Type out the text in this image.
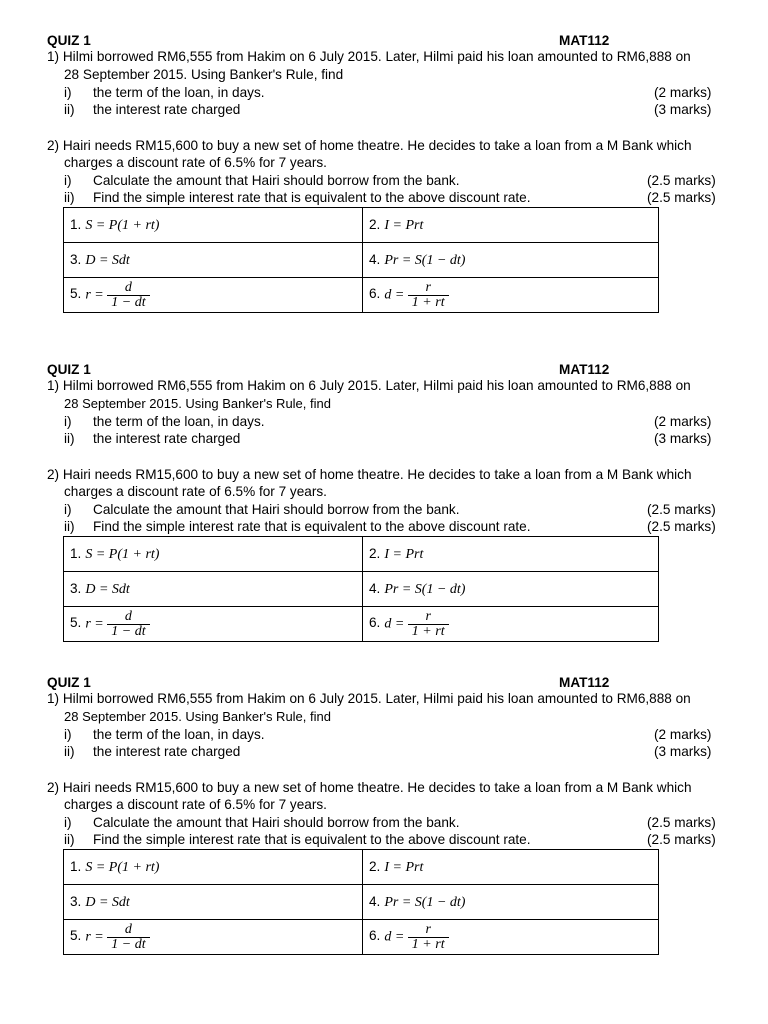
QUIZ 1	MAT112
1) Hilmi borrowed RM6,555 from Hakim on 6 July 2015. Later, Hilmi paid his loan amounted to RM6,888 on
28 September 2015. Using Banker's Rule, find
i) the term of the loan, in days.	(2 marks)
ii) the interest rate charged	(3 marks)
2) Hairi needs RM15,600 to buy a new set of home theatre. He decides to take a loan from a M Bank which
charges a discount rate of 6.5% for 7 years.
i) Calculate the amount that Hairi should borrow from the bank.	(2.5 marks)
ii) Find the simple interest rate that is equivalent to the above discount rate.	(2.5 marks)
1. S = P(1 + rt)	2. I = Prt
3. D = Sdt	4. Pr = S(1 − dt)
5. $r = \frac{d}{1 - dt}$	6. $d = \frac{r}{1 + rt}$
QUIZ 1	MAT112
1) Hilmi borrowed RM6,555 from Hakim on 6 July 2015. Later, Hilmi paid his loan amounted to RM6,888 on
28 September 2015. Using Banker's Rule, find
i) the term of the loan, in days.	(2 marks)
ii) the interest rate charged	(3 marks)
2) Hairi needs RM15,600 to buy a new set of home theatre. He decides to take a loan from a M Bank which
charges a discount rate of 6.5% for 7 years.
i) Calculate the amount that Hairi should borrow from the bank.	(2.5 marks)
ii) Find the simple interest rate that is equivalent to the above discount rate.	(2.5 marks)
1. S = P(1 + rt)	2. I = Prt
3. D = Sdt	4. Pr = S(1 − dt)
5. $r = \frac{d}{1 - dt}$	6. $d = \frac{r}{1 + rt}$
QUIZ 1	MAT112
1) Hilmi borrowed RM6,555 from Hakim on 6 July 2015. Later, Hilmi paid his loan amounted to RM6,888 on
28 September 2015. Using Banker's Rule, find
i) the term of the loan, in days.	(2 marks)
ii) the interest rate charged	(3 marks)
2) Hairi needs RM15,600 to buy a new set of home theatre. He decides to take a loan from a M Bank which
charges a discount rate of 6.5% for 7 years.
i) Calculate the amount that Hairi should borrow from the bank.	(2.5 marks)
ii) Find the simple interest rate that is equivalent to the above discount rate.	(2.5 marks)
1. S = P(1 + rt)	2. I = Prt
3. D = Sdt	4. Pr = S(1 − dt)
5. $r = \frac{d}{1 - dt}$	6. $d = \frac{r}{1 + rt}$
